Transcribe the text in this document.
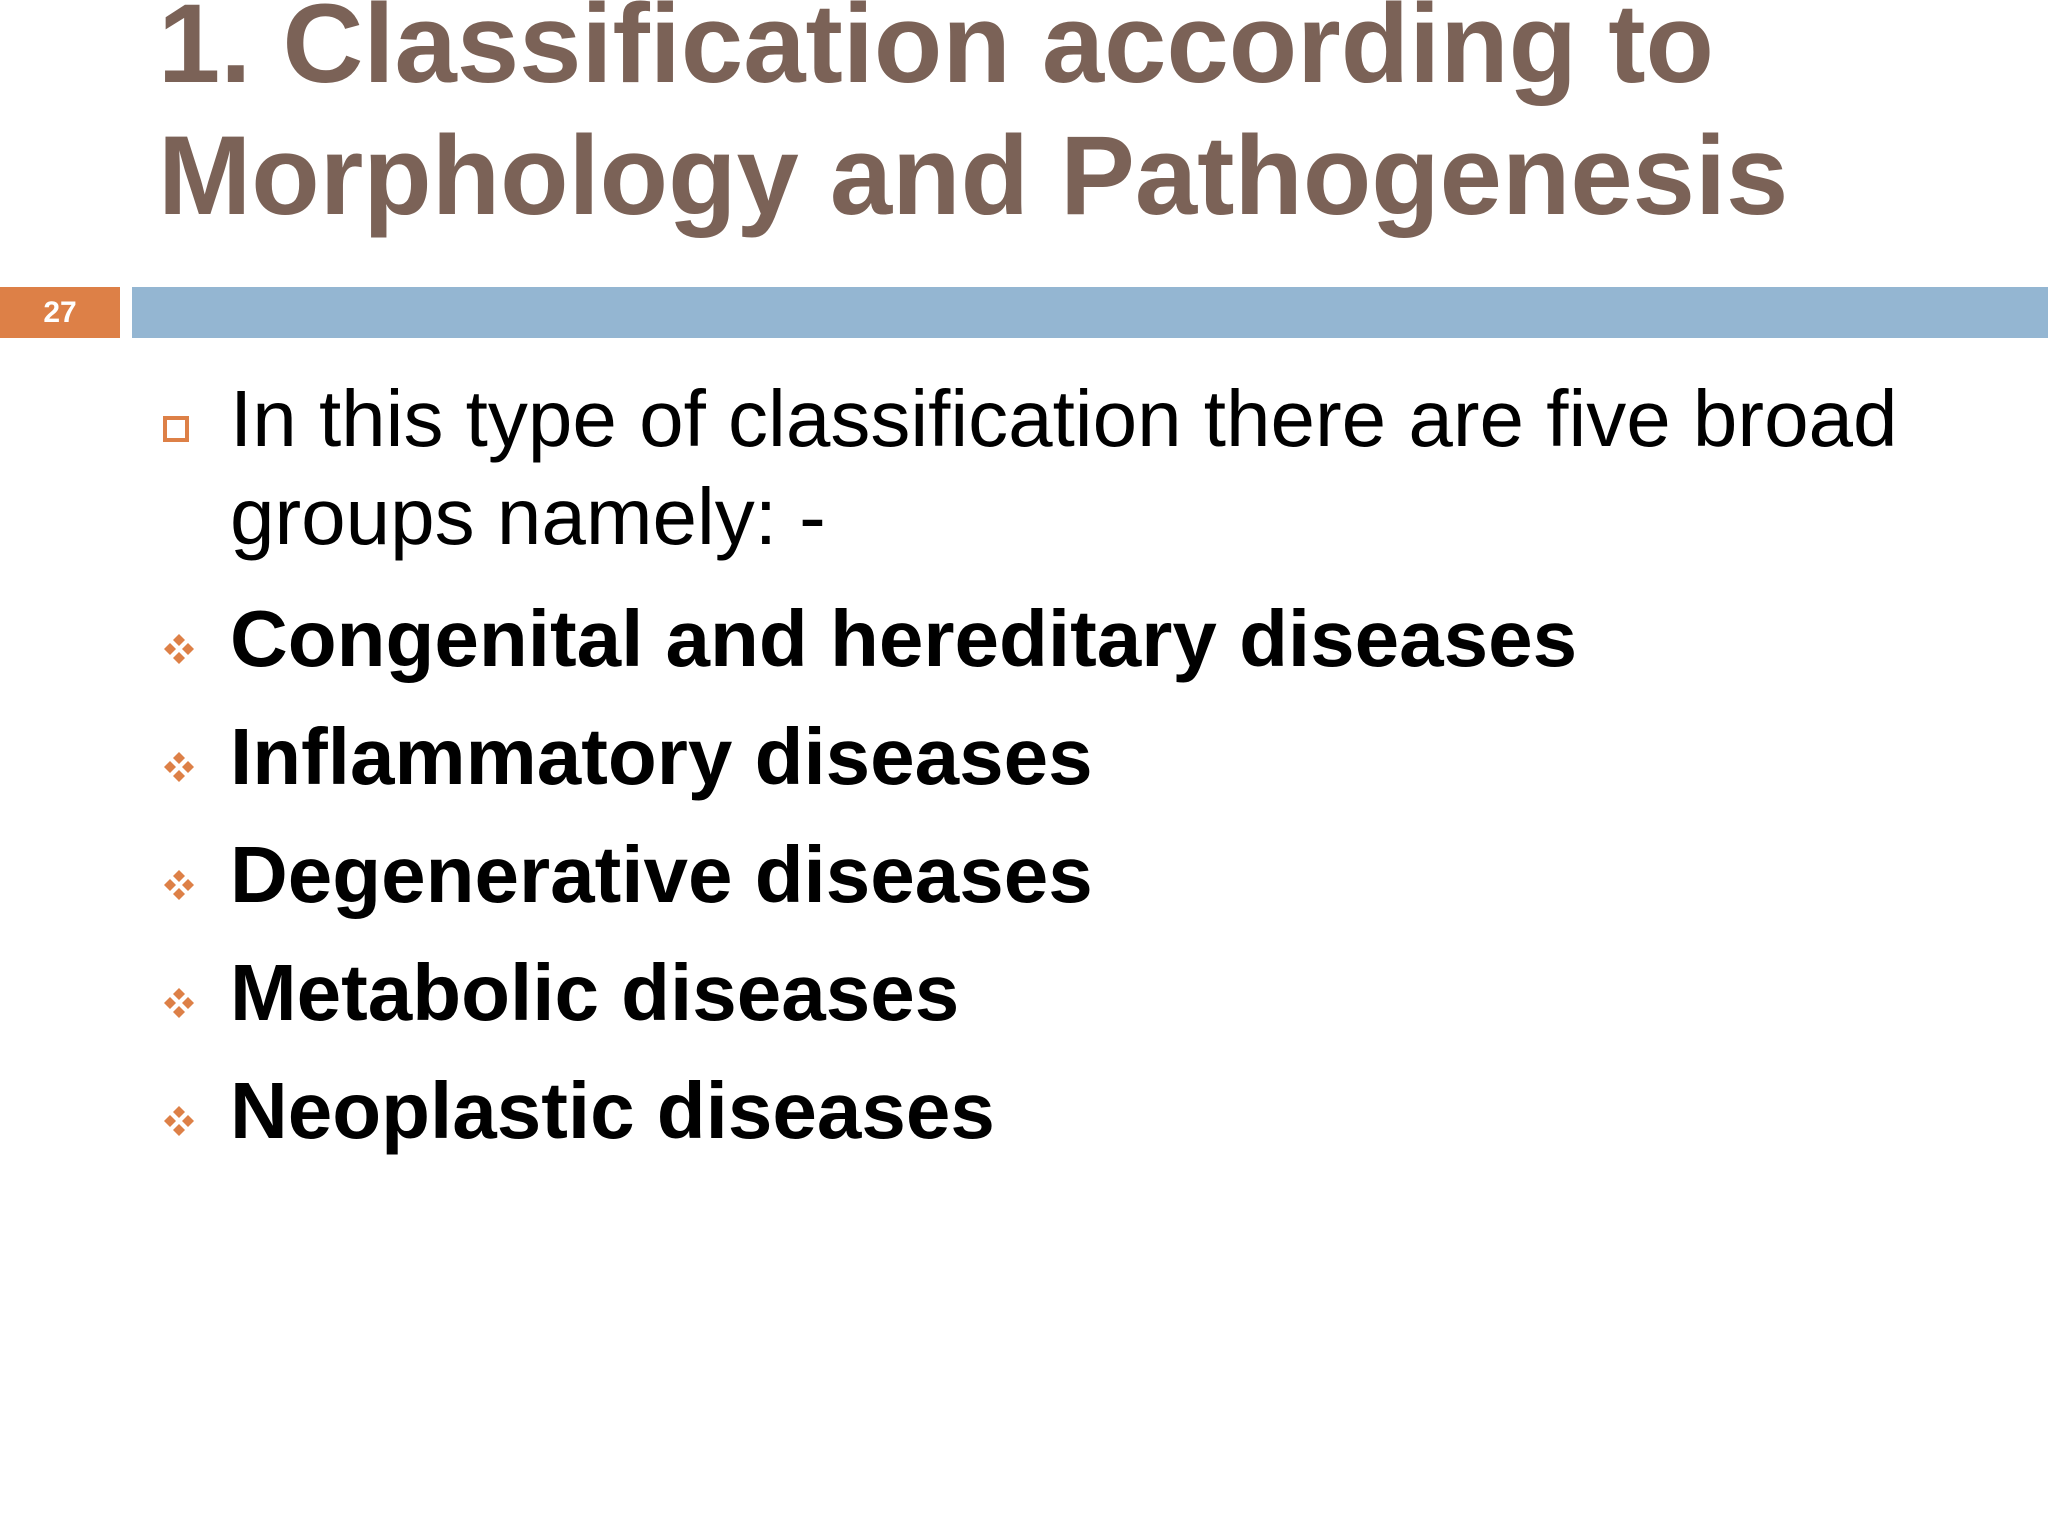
1. Classification according to
Morphology and Pathogenesis
27

In this type of classification there are five broad groups namely: -

Congenital and hereditary diseases
Inflammatory diseases
Degenerative diseases
Metabolic diseases
Neoplastic diseases
